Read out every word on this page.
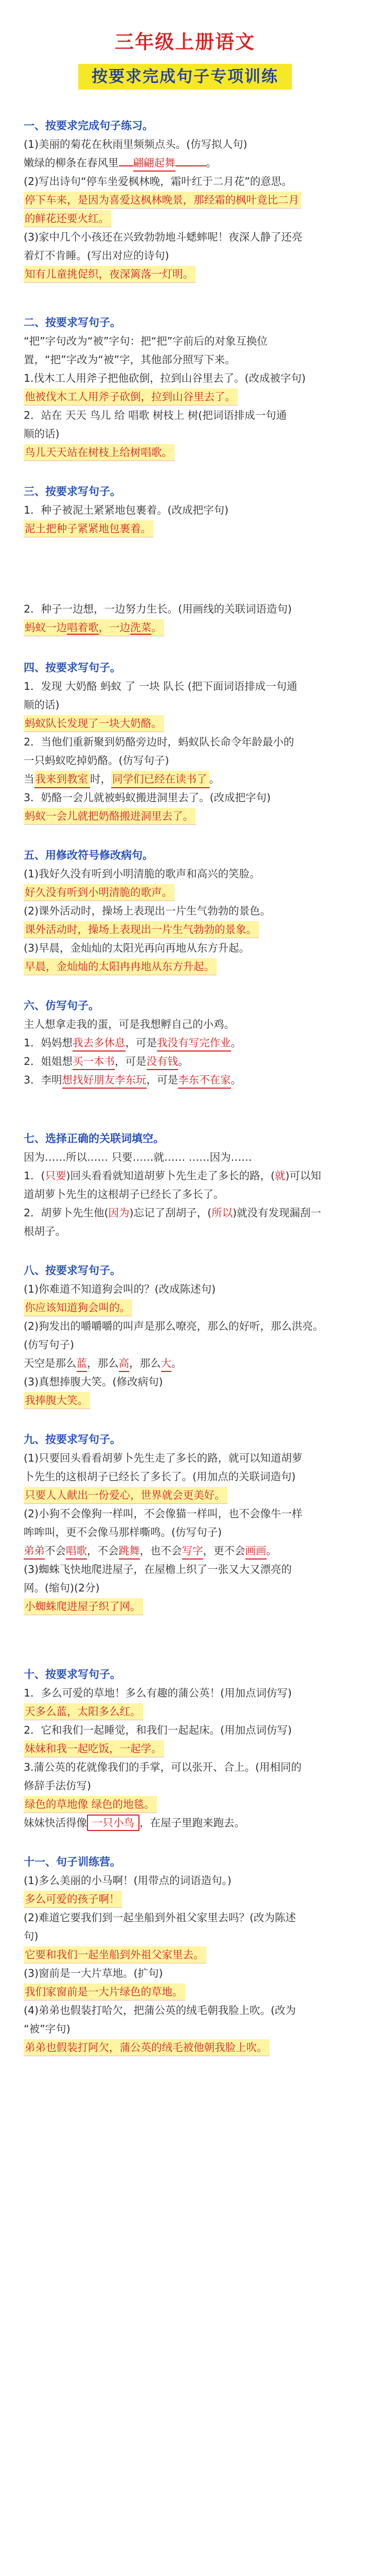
三年级上册语文
按要求完成句子专项训练
一、按要求完成句子练习。
(1)美丽的菊花在秋雨里频频点头。(仿写拟人句)
嫩绿的柳条在春风里 翩翩起舞	。
(2)写出诗句“停车坐爱枫林晚，霜叶红于二月花”的意思。
停下车来，是因为喜爱这枫林晚景，那经霜的枫叶竟比二月
的鲜花还要火红。
(3)家中几个小孩还在兴致勃勃地斗蟋蟀呢！夜深人静了还亮
着灯不肯睡。(写出对应的诗句)
知有儿童挑促织，夜深篱落一灯明。
二、按要求写句子。
“把”字句改为“被”字句：把“把”字前后的对象互换位
置，“把”字改为“被”字，其他部分照写下来。
1.伐木工人用斧子把他砍倒，拉到山谷里去了。(改成被字句)
他被伐木工人用斧子砍倒，拉到山谷里去了。
2．站在 天天 鸟儿 给 唱歌 树枝上 树(把词语排成一句通
顺的话)
鸟儿天天站在树枝上给树唱歌。
三、按要求写句子。
1．种子被泥土紧紧地包裹着。(改成把字句)
泥土把种子紧紧地包裹着。
2．种子一边想，一边努力生长。(用画线的关联词语造句)
蚂蚁一边唱着歌，一边洗菜。
四、按要求写句子。
1．发现 大奶酪 蚂蚁 了 一块 队长 (把下面词语排成一句通
顺的话)
蚂蚁队长发现了一块大奶酪。
2．当他们重新聚到奶酪旁边时，蚂蚁队长命令年龄最小的
一只蚂蚁吃掉奶酪。(仿写句子)
当我来到教室 时，同学们已经在读书了 。
3．奶酪一会儿就被蚂蚁搬进洞里去了。(改成把字句)
蚂蚁一会儿就把奶酪搬进洞里去了。
五、用修改符号修改病句。
(1)我好久没有听到小明清脆的歌声和高兴的笑脸。
好久没有听到小明清脆的歌声。
(2)课外活动时，操场上表现出一片生气勃勃的景色。
课外活动时，操场上表现出一片生气勃勃的景象。
(3)早晨，金灿灿的太阳光再向再地从东方升起。
早晨，金灿灿的太阳冉冉地从东方升起。
六、仿写句子。
主人想拿走我的蛋，可是我想孵自己的小鸡。
1．妈妈想我去多休息，可是我没有写完作业。
2．姐姐想买一本书，可是没有钱。
3．李明想找好朋友李东玩，可是李东不在家。
七、选择正确的关联词填空。
因为……所以…… 只要……就…… ……因为……
1．(只要)回头看看就知道胡萝卜先生走了多长的路，(就)可以知
道胡萝卜先生的这根胡子已经长了多长了。
2．胡萝卜先生他(因为)忘记了刮胡子，(所以)就没有发现漏刮一
根胡子。
八、按要求写句子。
(1)你难道不知道狗会叫的？(改成陈述句)
你应该知道狗会叫的。
(2)狗发出的嚼嚼嚼的叫声是那么嘹亮，那么的好听，那么洪亮。
(仿写句子)
天空是那么蓝，那么高，那么大。
(3)真想捧腹大笑。(修改病句)
我捧腹大笑。
九、按要求写句子。
(1)只要回头看看胡萝卜先生走了多长的路，就可以知道胡萝
卜先生的这根胡子已经长了多长了。(用加点的关联词造句)
只要人人献出一份爱心，世界就会更美好。
(2)小狗不会像狗一样叫，不会像猫一样叫，也不会像牛一样
哞哞叫，更不会像马那样嘶鸣。(仿写句子)
弟弟不会唱歌，不会跳舞，也不会写字，更不会画画。
(3)蜘蛛飞快地爬进屋子，在屋檐上织了一张又大又漂亮的
网。(缩句)(2分)
小蜘蛛爬进屋子织了网。
十、按要求写句子。
1．多么可爱的草地！多么有趣的蒲公英！(用加点词仿写)
天多么蓝，太阳多么红。
2．它和我们一起睡觉，和我们一起起床。(用加点词仿写)
妹妹和我一起吃饭，一起学。
3.蒲公英的花就像我们的手掌，可以张开、合上。(用相同的
修辞手法仿写)
绿色的草地像 绿色的地毯。
妹妹快活得像 一只小鸟 ，在屋子里跑来跑去。
十一、句子训练营。
(1)多么美丽的小马啊！(用带点的词语造句。)
多么可爱的孩子啊！
(2)难道它要我们到一起坐船到外祖父家里去吗？(改为陈述
句)
它要和我们一起坐船到外祖父家里去。
(3)窗前是一大片草地。(扩句)
我们家窗前是一大片绿色的草地。
(4)弟弟也假装打哈欠，把蒲公英的绒毛朝我脸上吹。(改为
“被”字句)
弟弟也假装打阿欠，蒲公英的绒毛被他朝我脸上吹。
